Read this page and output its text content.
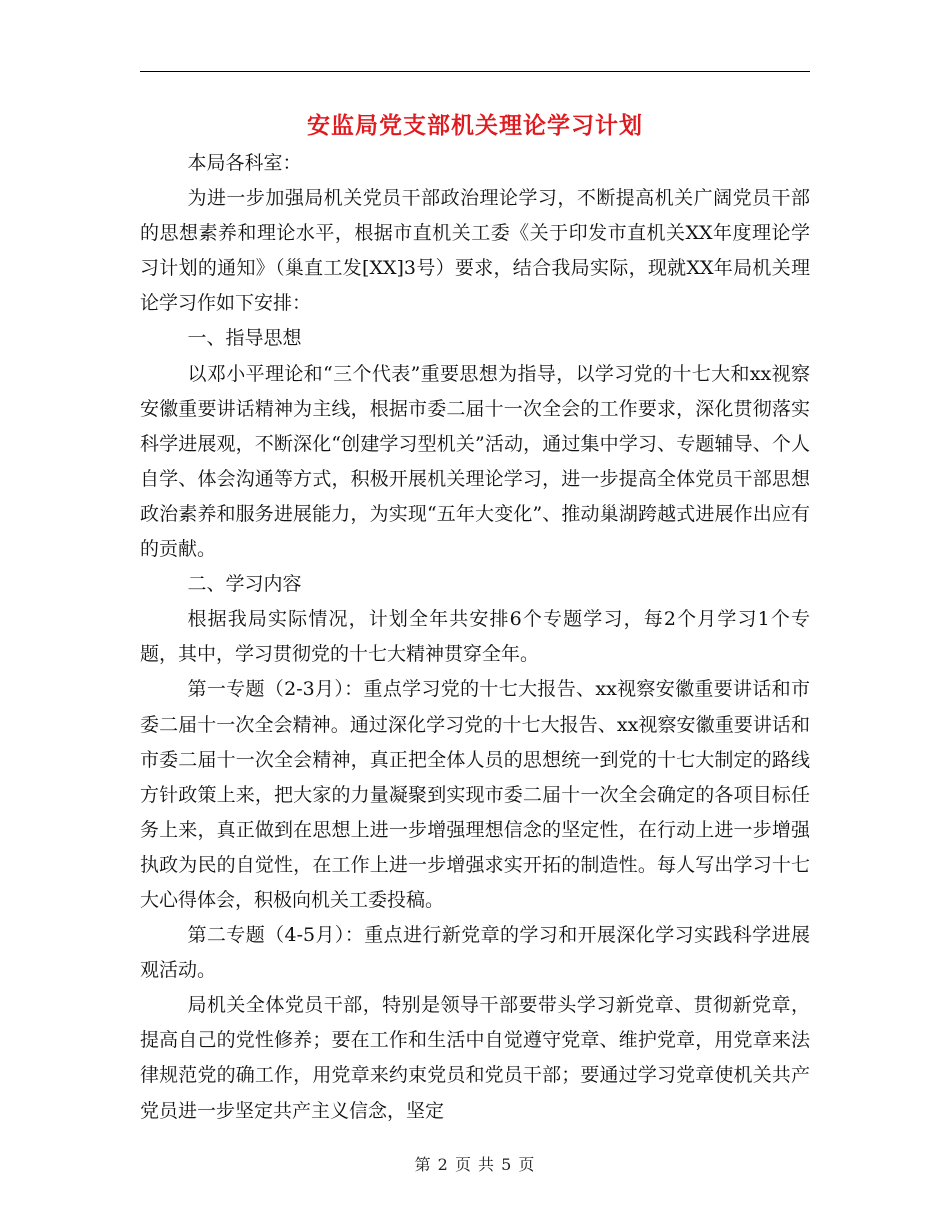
安监局党支部机关理论学习计划

本局各科室：

为进一步加强局机关党员干部政治理论学习，不断提高机关广阔党员干部的思想素养和理论水平，根据市直机关工委《关于印发市直机关XX年度理论学习计划的通知》（巢直工发[XX]3号）要求，结合我局实际，现就XX年局机关理论学习作如下安排：

一、指导思想

以邓小平理论和“三个代表”重要思想为指导，以学习党的十七大和xx视察安徽重要讲话精神为主线，根据市委二届十一次全会的工作要求，深化贯彻落实科学进展观，不断深化“创建学习型机关”活动，通过集中学习、专题辅导、个人自学、体会沟通等方式，积极开展机关理论学习，进一步提高全体党员干部思想政治素养和服务进展能力，为实现“五年大变化”、推动巢湖跨越式进展作出应有的贡献。

二、学习内容

根据我局实际情况，计划全年共安排6个专题学习，每2个月学习1个专题，其中，学习贯彻党的十七大精神贯穿全年。

第一专题（2-3月）：重点学习党的十七大报告、xx视察安徽重要讲话和市委二届十一次全会精神。通过深化学习党的十七大报告、xx视察安徽重要讲话和市委二届十一次全会精神，真正把全体人员的思想统一到党的十七大制定的路线方针政策上来，把大家的力量凝聚到实现市委二届十一次全会确定的各项目标任务上来，真正做到在思想上进一步增强理想信念的坚定性，在行动上进一步增强执政为民的自觉性，在工作上进一步增强求实开拓的制造性。每人写出学习十七大心得体会，积极向机关工委投稿。

第二专题（4-5月）：重点进行新党章的学习和开展深化学习实践科学进展观活动。

局机关全体党员干部，特别是领导干部要带头学习新党章、贯彻新党章，提高自己的党性修养；要在工作和生活中自觉遵守党章、维护党章，用党章来法律规范党的确工作，用党章来约束党员和党员干部；要通过学习党章使机关共产党员进一步坚定共产主义信念，坚定

第 2 页 共 5 页
